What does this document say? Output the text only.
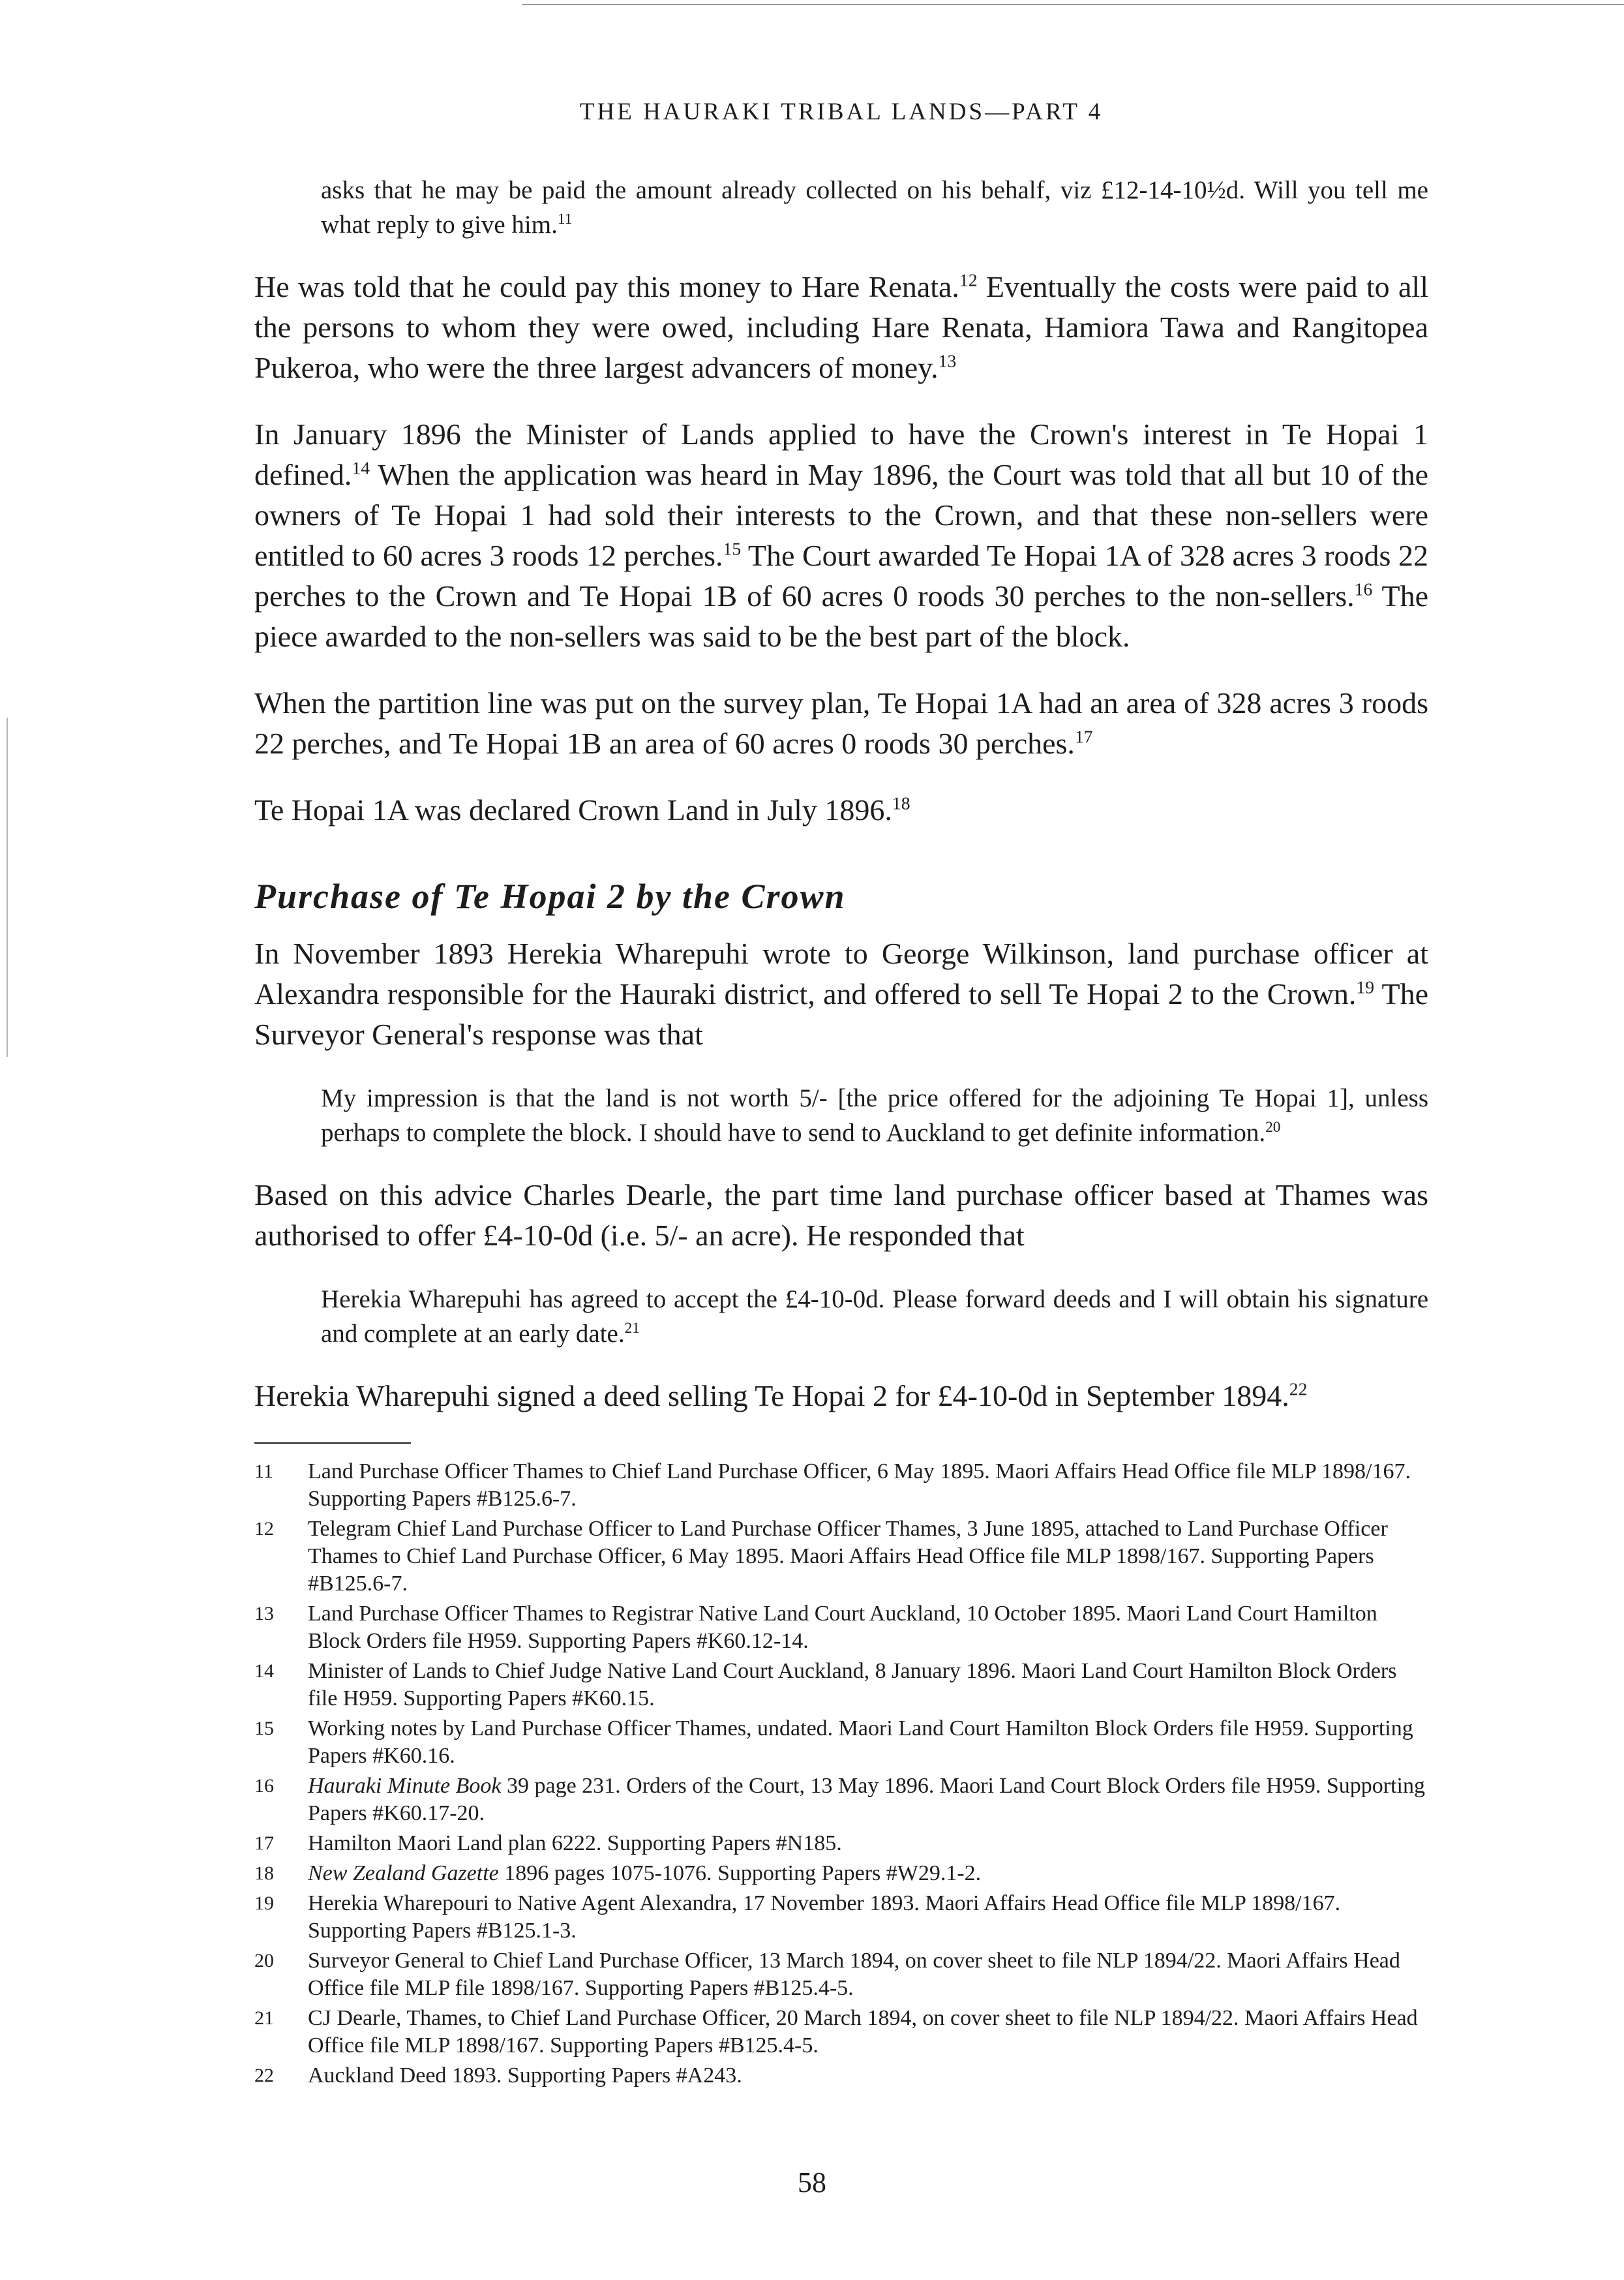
THE HAURAKI TRIBAL LANDS—PART 4

asks that he may be paid the amount already collected on his behalf, viz £12-14-10½d. Will you tell me what reply to give him.$^{11}$

He was told that he could pay this money to Hare Renata.$^{12}$ Eventually the costs were paid to all the persons to whom they were owed, including Hare Renata, Hamiora Tawa and Rangitopea Pukeroa, who were the three largest advancers of money.$^{13}$

In January 1896 the Minister of Lands applied to have the Crown's interest in Te Hopai 1 defined.$^{14}$ When the application was heard in May 1896, the Court was told that all but 10 of the owners of Te Hopai 1 had sold their interests to the Crown, and that these non-sellers were entitled to 60 acres 3 roods 12 perches.$^{15}$ The Court awarded Te Hopai 1A of 328 acres 3 roods 22 perches to the Crown and Te Hopai 1B of 60 acres 0 roods 30 perches to the non-sellers.$^{16}$ The piece awarded to the non-sellers was said to be the best part of the block.

When the partition line was put on the survey plan, Te Hopai 1A had an area of 328 acres 3 roods 22 perches, and Te Hopai 1B an area of 60 acres 0 roods 30 perches.$^{17}$

Te Hopai 1A was declared Crown Land in July 1896.18

Purchase of Te Hopai 2 by the Crown

In November 1893 Herekia Wharepuhi wrote to George Wilkinson, land purchase officer at Alexandra responsible for the Hauraki district, and offered to sell Te Hopai 2 to the Crown.$^{19}$ The Surveyor General's response was that

My impression is that the land is not worth 5/- [the price offered for the adjoining Te Hopai 1], unless perhaps to complete the block. I should have to send to Auckland to get definite information.$^{20}$

Based on this advice Charles Dearle, the part time land purchase officer based at Thames was authorised to offer £4-10-0d (i.e. 5/- an acre). He responded that

Herekia Wharepuhi has agreed to accept the £4-10-0d. Please forward deeds and I will obtain his signature and complete at an early date.$^{21}$

Herekia Wharepuhi signed a deed selling Te Hopai 2 for £4-10-0d in September 1894.22

11	Land Purchase Officer Thames to Chief Land Purchase Officer, 6 May 1895. Maori Affairs Head Office file MLP 1898/167. Supporting Papers #B125.6-7.
12	Telegram Chief Land Purchase Officer to Land Purchase Officer Thames, 3 June 1895, attached to Land Purchase Officer Thames to Chief Land Purchase Officer, 6 May 1895. Maori Affairs Head Office file MLP 1898/167. Supporting Papers #B125.6-7.
13	Land Purchase Officer Thames to Registrar Native Land Court Auckland, 10 October 1895. Maori Land Court Hamilton Block Orders file H959. Supporting Papers #K60.12-14.
14	Minister of Lands to Chief Judge Native Land Court Auckland, 8 January 1896. Maori Land Court Hamilton Block Orders file H959. Supporting Papers #K60.15.
15	Working notes by Land Purchase Officer Thames, undated. Maori Land Court Hamilton Block Orders file H959. Supporting Papers #K60.16.
16	Hauraki Minute Book 39 page 231. Orders of the Court, 13 May 1896. Maori Land Court Block Orders file H959. Supporting Papers #K60.17-20.
17	Hamilton Maori Land plan 6222. Supporting Papers #N185.
18	New Zealand Gazette 1896 pages 1075-1076. Supporting Papers #W29.1-2.
19	Herekia Wharepouri to Native Agent Alexandra, 17 November 1893. Maori Affairs Head Office file MLP 1898/167. Supporting Papers #B125.1-3.
20	Surveyor General to Chief Land Purchase Officer, 13 March 1894, on cover sheet to file NLP 1894/22. Maori Affairs Head Office file MLP file 1898/167. Supporting Papers #B125.4-5.
21	CJ Dearle, Thames, to Chief Land Purchase Officer, 20 March 1894, on cover sheet to file NLP 1894/22. Maori Affairs Head Office file MLP 1898/167. Supporting Papers #B125.4-5.
22	Auckland Deed 1893. Supporting Papers #A243.
58
